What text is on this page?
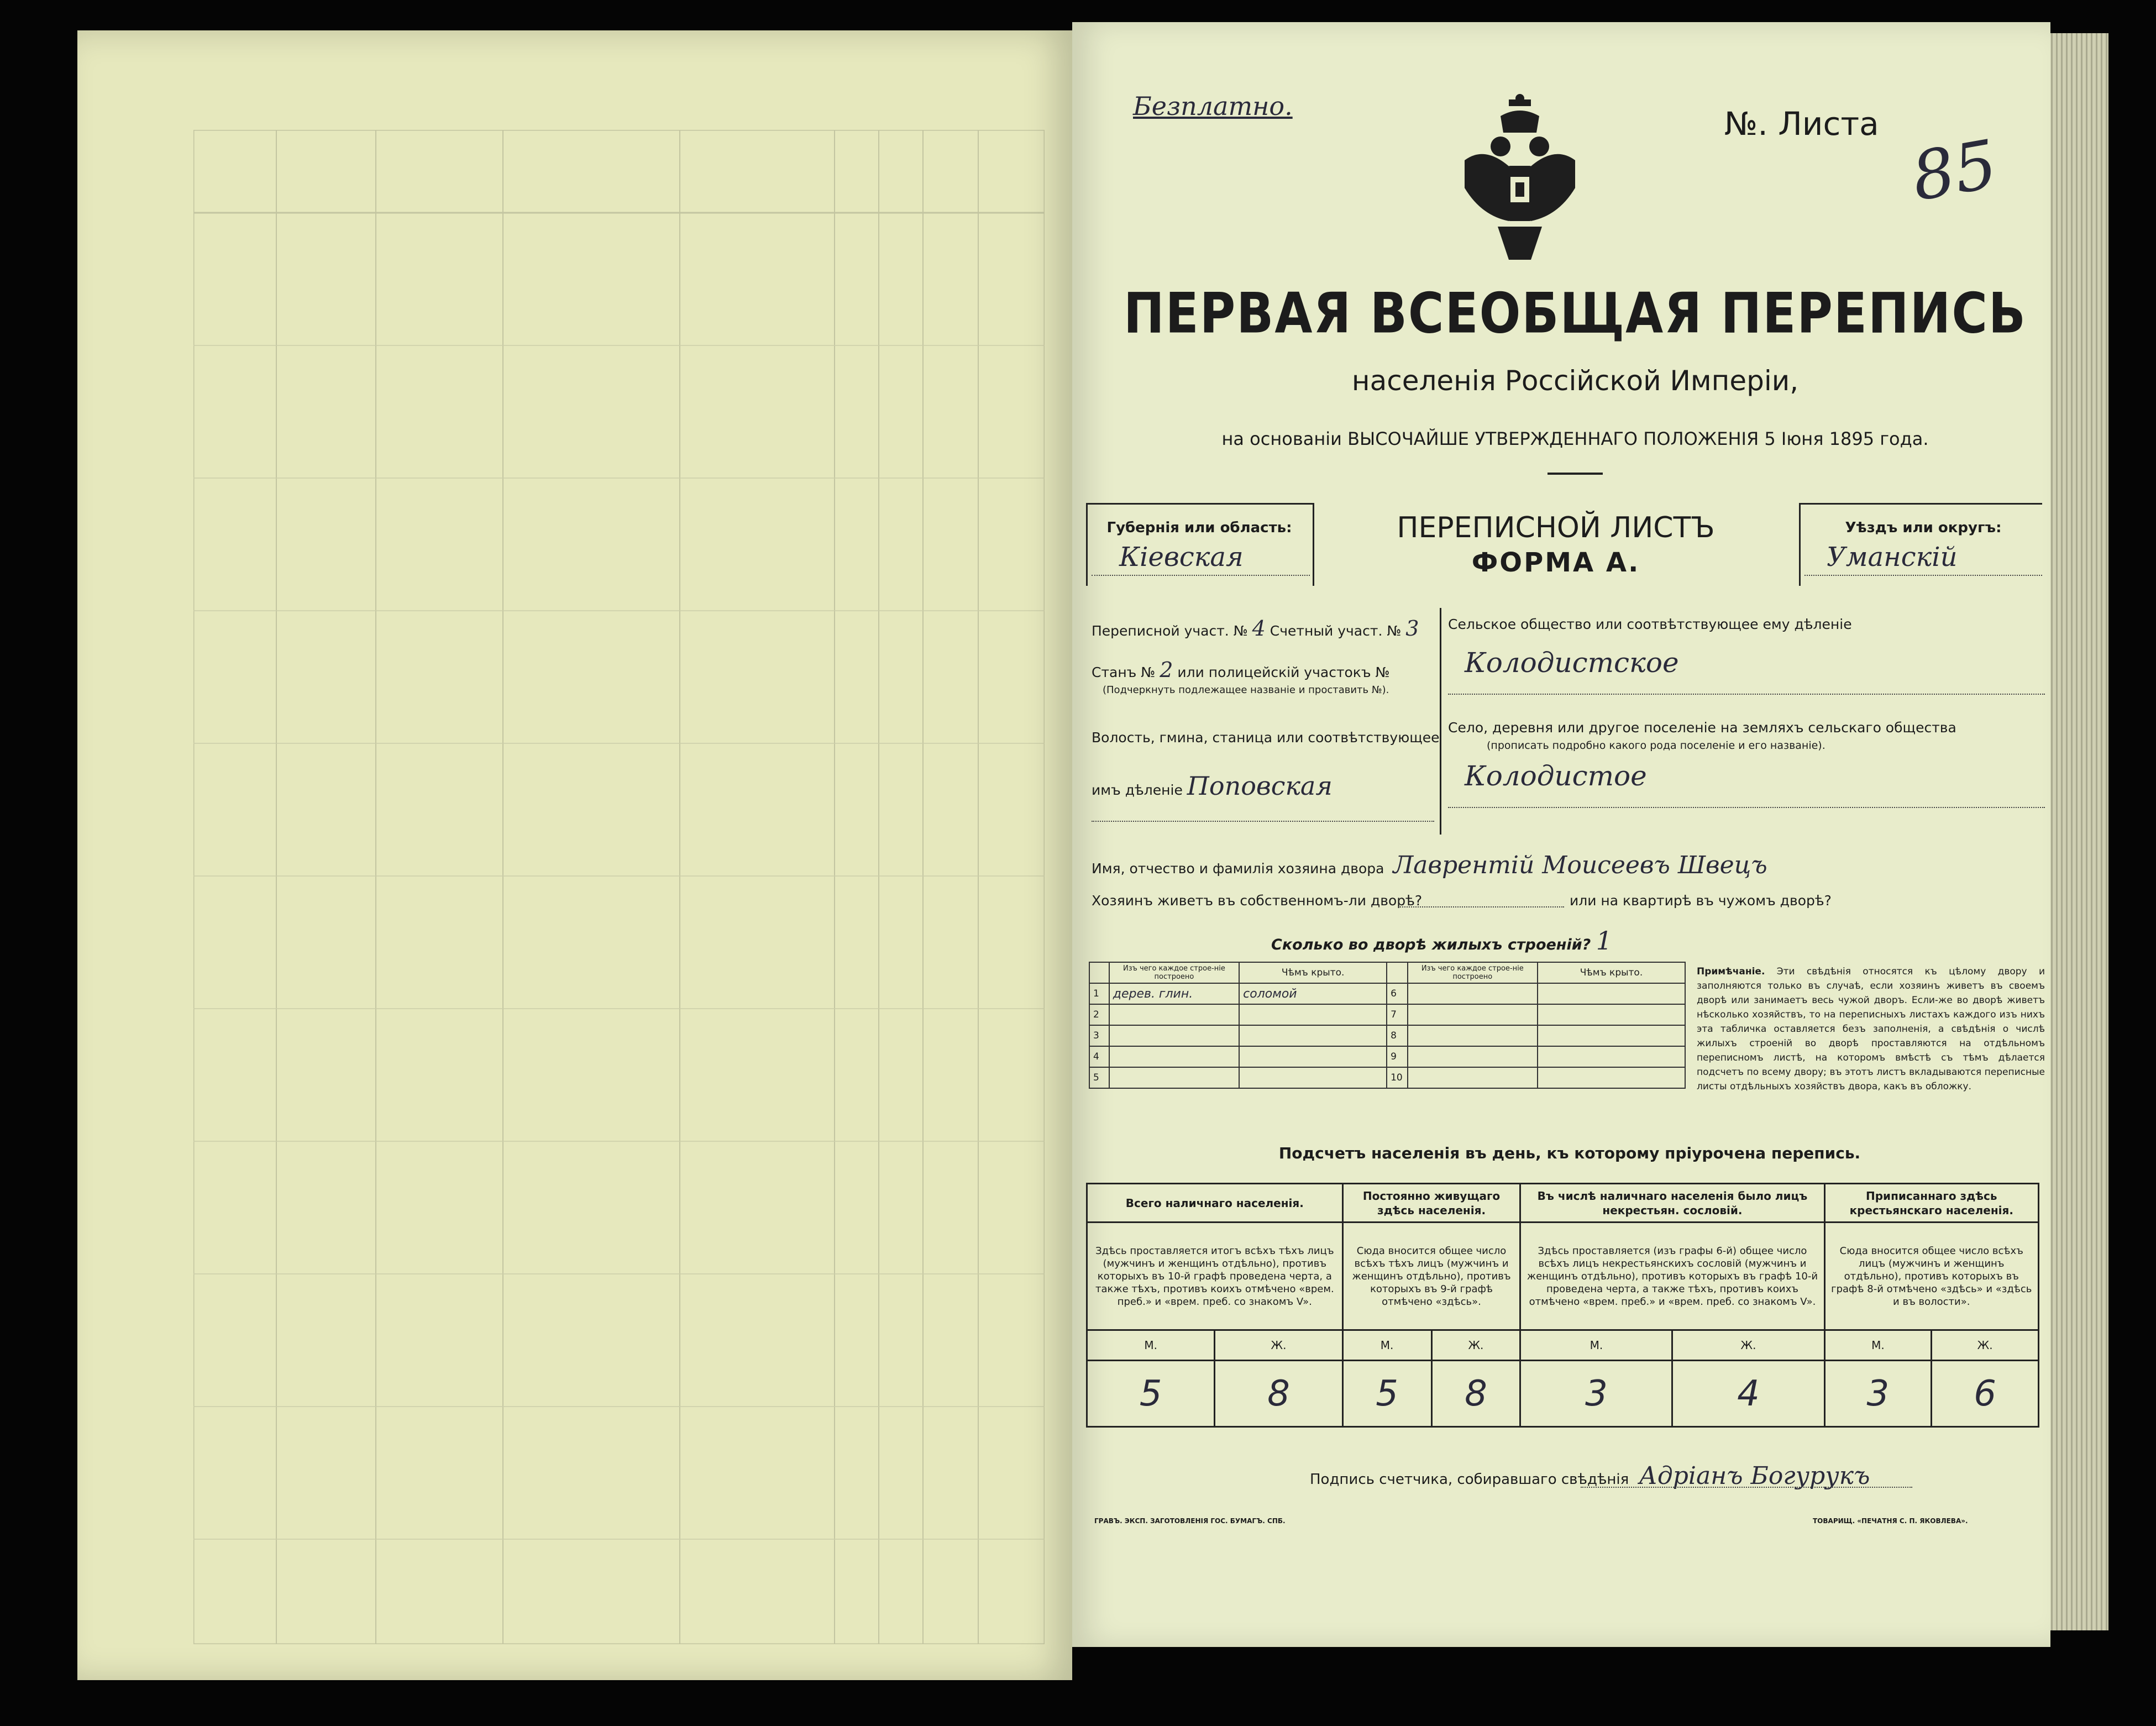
Безплатно.	№. Листа
85
ПЕРВАЯ ВСЕОБЩАЯ ПЕРЕПИСЬ
населенія Россійской Имперіи,
на основаніи ВЫСОЧАЙШЕ УТВЕРЖДЕННАГО ПОЛОЖЕНІЯ 5 Іюня 1895 года.
Губернія или область:
Кіевская
ПЕРЕПИСНОЙ ЛИСТЪ
ФОРМА А.
Уѣздъ или округъ:
Уманскій
Переписной участ. № 4 Счетный участ. № 3
Станъ № 2 или полицейскій участокъ №
(Подчеркнуть подлежащее названіе и проставить №).
Волость, гмина, станица или соотвѣтствующее
имъ дѣленіе Поповская
Сельское общество или соотвѣтствующее ему дѣленіе
Колодистское
Село, деревня или другое поселеніе на земляхъ сельскаго общества
(прописать подробно какого рода поселеніе и его названіе).
Колодистое
Имя, отчество и фамилія хозяина двора Лаврентій Моисеевъ Швецъ
Хозяинъ живетъ въ собственномъ-ли дворѣ?	или на квартирѣ въ чужомъ дворѣ?
Сколько во дворѣ жилыхъ строеній? 1
	Изъ чего каждое строе-ніе построено	Чѣмъ крыто.		Изъ чего каждое строе-ніе построено	Чѣмъ крыто.
1	дерев. глин.	соломой	6		
2			7		
3			8		
4			9		
5			10		
Примѣчаніе. Эти свѣдѣнія относятся къ цѣлому двору и заполняются только въ случаѣ, если хозяинъ живетъ въ своемъ дворѣ или занимаетъ весь чужой дворъ. Если-же во дворѣ живетъ нѣсколько хозяйствъ, то на переписныхъ листахъ каждого изъ нихъ эта табличка оставляется безъ заполненія, а свѣдѣнія о числѣ жилыхъ строеній во дворѣ проставляются на отдѣльномъ переписномъ листѣ, на которомъ вмѣстѣ съ тѣмъ дѣлается подсчетъ по всему двору; въ этотъ листъ вкладываются переписные листы отдѣльныхъ хозяйствъ двора, какъ въ обложку.
Подсчетъ населенія въ день, къ которому пріурочена перепись.
Всего наличнаго населенія.		Постоянно живущаго здѣсь населенія.		Въ числѣ наличнаго населенія было лицъ некрестьян. сословій.		Приписаннаго здѣсь крестьянскаго населенія.	
Здѣсь проставляется итогъ всѣхъ тѣхъ лицъ (мужчинъ и женщинъ отдѣльно), противъ которыхъ въ 10-й графѣ проведена черта, а также тѣхъ, противъ коихъ отмѣчено «врем. преб.» и «врем. преб. со знакомъ V».		Сюда вносится общее число всѣхъ тѣхъ лицъ (мужчинъ и женщинъ отдѣльно), противъ которыхъ въ 9-й графѣ отмѣчено «здѣсь».		Здѣсь проставляется (изъ графы 6-й) общее число всѣхъ лицъ некрестьянскихъ сословій (мужчинъ и женщинъ отдѣльно), противъ которыхъ въ графѣ 10-й проведена черта, а также тѣхъ, противъ коихъ отмѣчено «врем. преб.» и «врем. преб. со знакомъ V».		Сюда вносится общее число всѣхъ лицъ (мужчинъ и женщинъ отдѣльно), противъ которыхъ въ графѣ 8-й отмѣчено «здѣсь» и «здѣсь и въ волости».	
М.	Ж.	М.	Ж.	М.	Ж.	М.	Ж.
5	8	5	8	3	4	3	6
Подпись счетчика, собиравшаго свѣдѣнія Адріанъ Богурукъ
ГРАВЪ. ЭКСП. ЗАГОТОВЛЕНІЯ ГОС. БУМАГЪ. СПБ.	ТОВАРИЩ. «ПЕЧАТНЯ С. П. ЯКОВЛЕВА».
